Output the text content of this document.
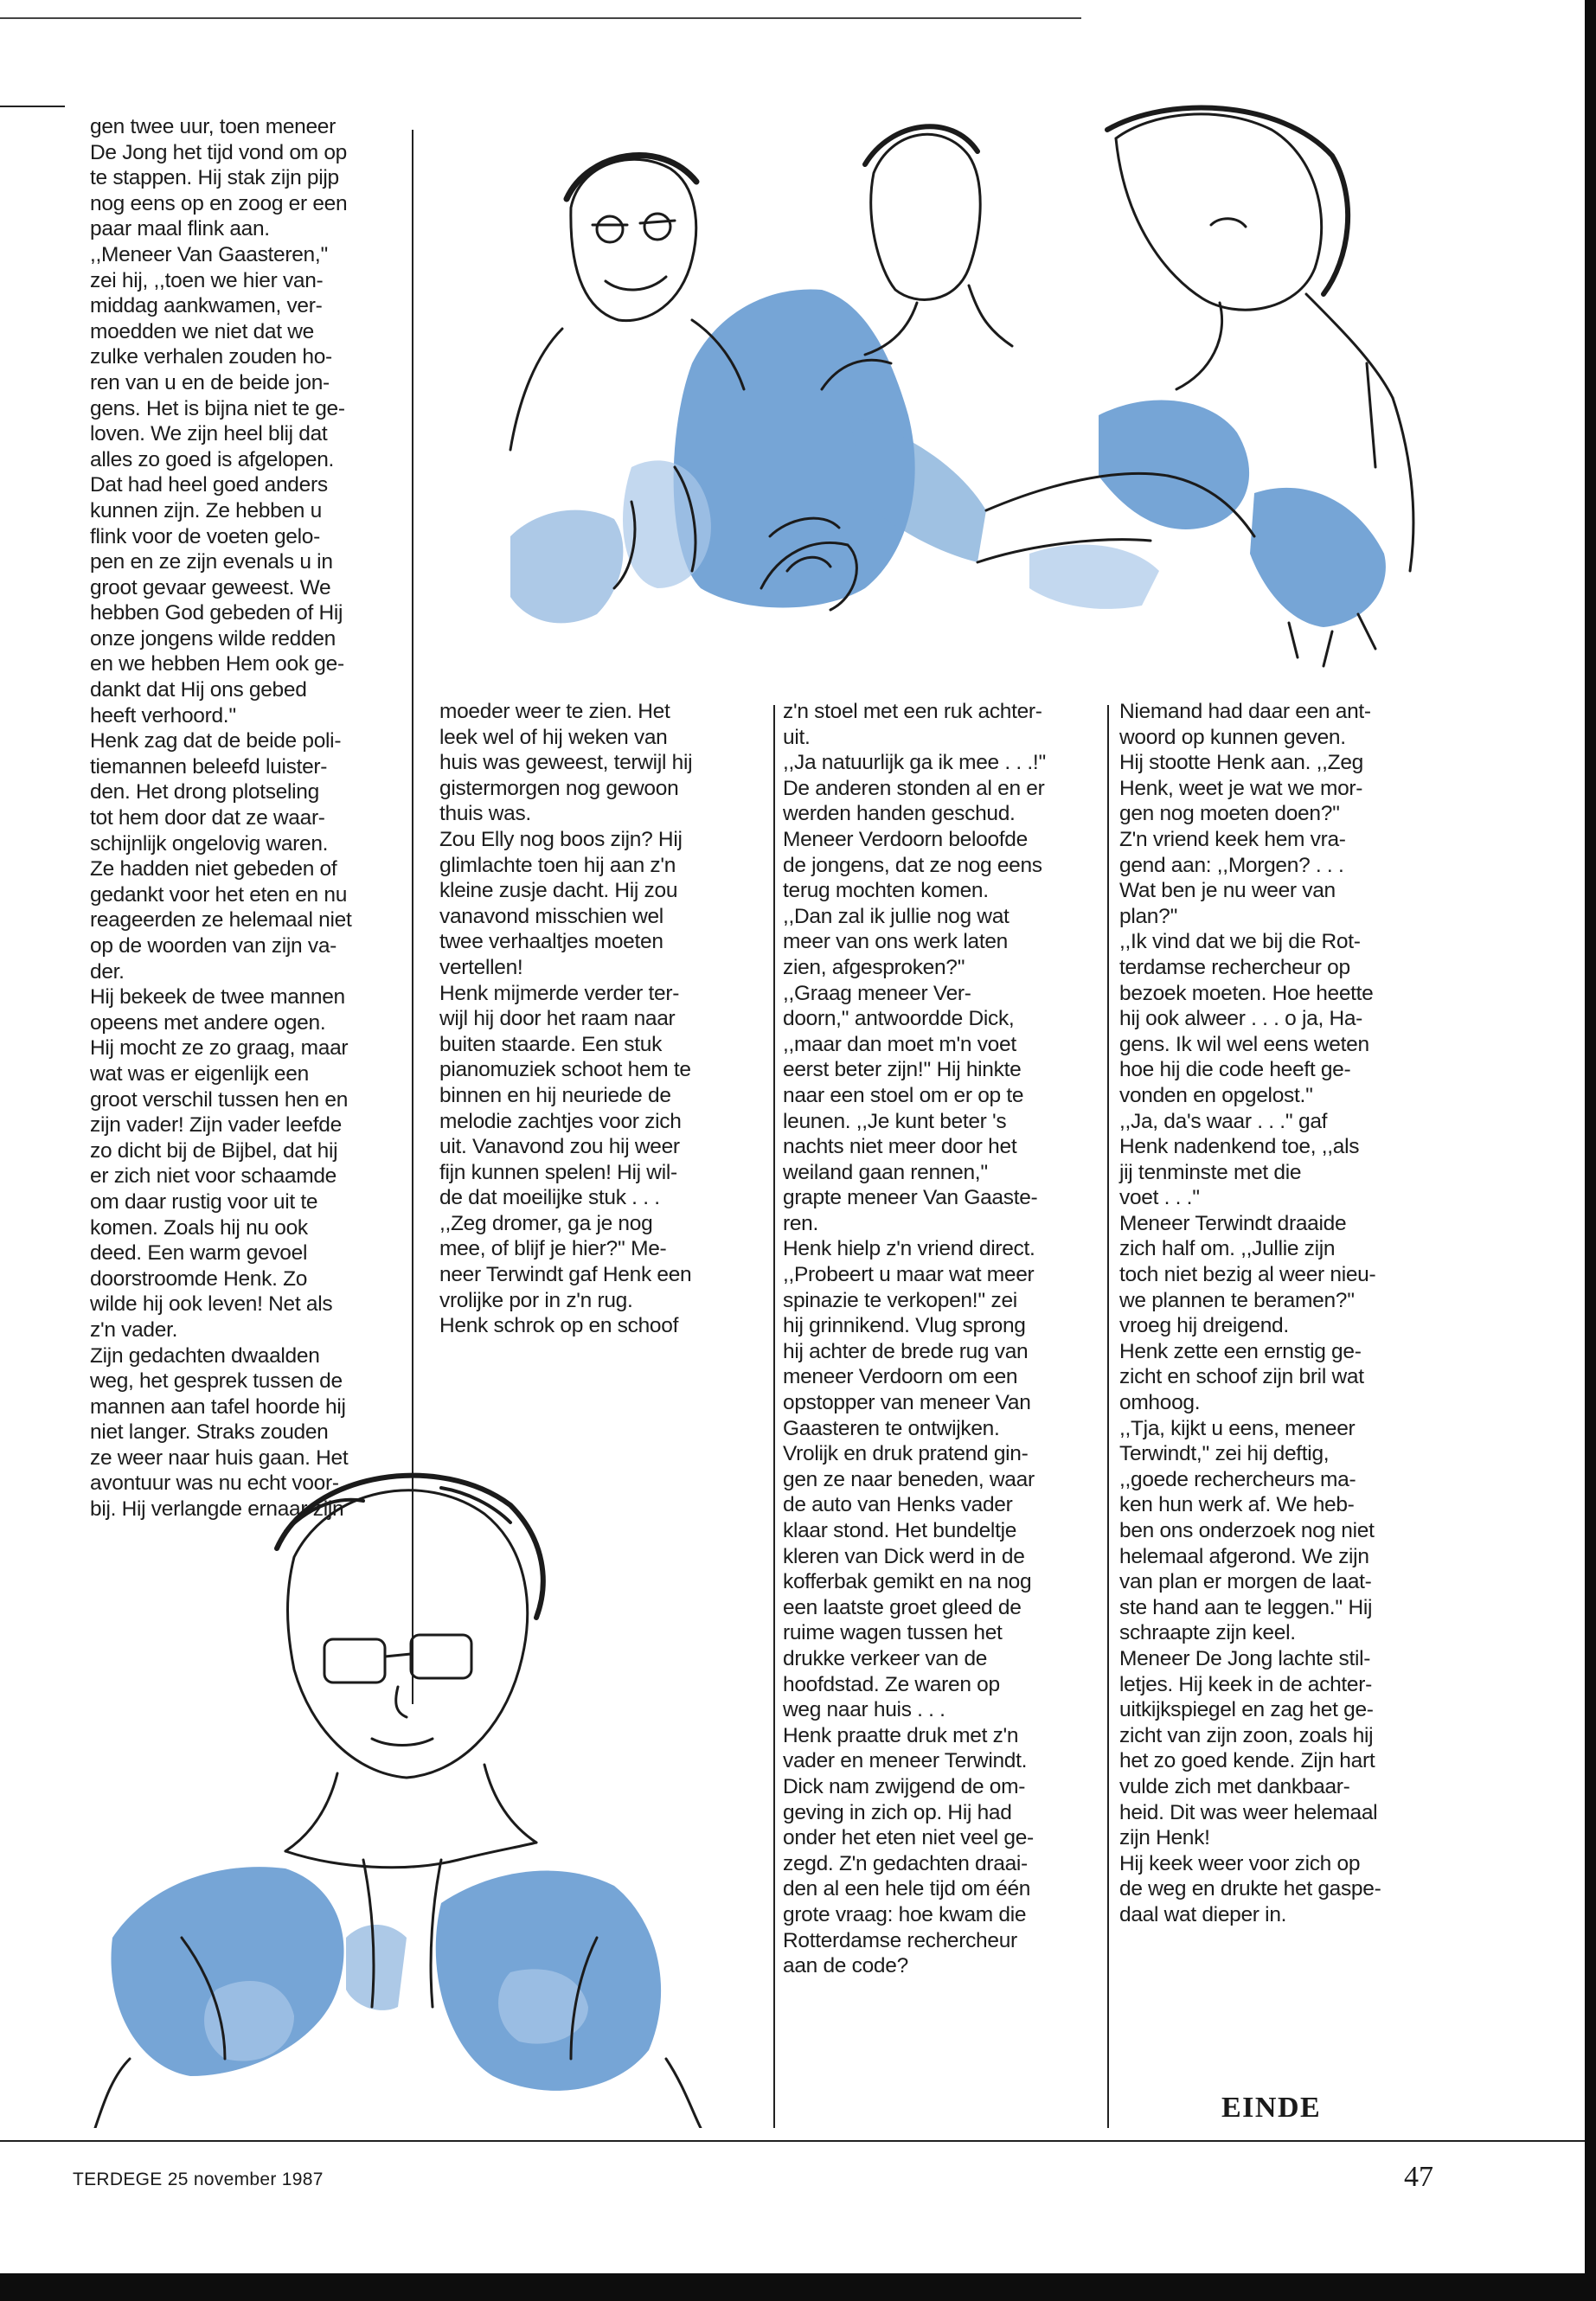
gen twee uur, toen meneer
De Jong het tijd vond om op
te stappen. Hij stak zijn pijp
nog eens op en zoog er een
paar maal flink aan.
,,Meneer Van Gaasteren,''
zei hij, ,,toen we hier van-
middag aankwamen, ver-
moedden we niet dat we
zulke verhalen zouden ho-
ren van u en de beide jon-
gens. Het is bijna niet te ge-
loven. We zijn heel blij dat
alles zo goed is afgelopen.
Dat had heel goed anders
kunnen zijn. Ze hebben u
flink voor de voeten gelo-
pen en ze zijn evenals u in
groot gevaar geweest. We
hebben God gebeden of Hij
onze jongens wilde redden
en we hebben Hem ook ge-
dankt dat Hij ons gebed
heeft verhoord.''
Henk zag dat de beide poli-
tiemannen beleefd luister-
den. Het drong plotseling
tot hem door dat ze waar-
schijnlijk ongelovig waren.
Ze hadden niet gebeden of
gedankt voor het eten en nu
reageerden ze helemaal niet
op de woorden van zijn va-
der.
Hij bekeek de twee mannen
opeens met andere ogen.
Hij mocht ze zo graag, maar
wat was er eigenlijk een
groot verschil tussen hen en
zijn vader! Zijn vader leefde
zo dicht bij de Bijbel, dat hij
er zich niet voor schaamde
om daar rustig voor uit te
komen. Zoals hij nu ook
deed. Een warm gevoel
doorstroomde Henk. Zo
wilde hij ook leven! Net als
z'n vader.
Zijn gedachten dwaalden
weg, het gesprek tussen de
mannen aan tafel hoorde hij
niet langer. Straks zouden
ze weer naar huis gaan. Het
avontuur was nu echt voor-
bij. Hij verlangde ernaar zijn
moeder weer te zien. Het
leek wel of hij weken van
huis was geweest, terwijl hij
gistermorgen nog gewoon
thuis was.
Zou Elly nog boos zijn? Hij
glimlachte toen hij aan z'n
kleine zusje dacht. Hij zou
vanavond misschien wel
twee verhaaltjes moeten
vertellen!
Henk mijmerde verder ter-
wijl hij door het raam naar
buiten staarde. Een stuk
pianomuziek schoot hem te
binnen en hij neuriede de
melodie zachtjes voor zich
uit. Vanavond zou hij weer
fijn kunnen spelen! Hij wil-
de dat moeilijke stuk . . .
,,Zeg dromer, ga je nog
mee, of blijf je hier?'' Me-
neer Terwindt gaf Henk een
vrolijke por in z'n rug.
Henk schrok op en schoof
z'n stoel met een ruk achter-
uit.
,,Ja natuurlijk ga ik mee . . .!''
De anderen stonden al en er
werden handen geschud.
Meneer Verdoorn beloofde
de jongens, dat ze nog eens
terug mochten komen.
,,Dan zal ik jullie nog wat
meer van ons werk laten
zien, afgesproken?''
,,Graag meneer Ver-
doorn,'' antwoordde Dick,
,,maar dan moet m'n voet
eerst beter zijn!'' Hij hinkte
naar een stoel om er op te
leunen. ,,Je kunt beter 's
nachts niet meer door het
weiland gaan rennen,''
grapte meneer Van Gaaste-
ren.
Henk hielp z'n vriend direct.
,,Probeert u maar wat meer
spinazie te verkopen!'' zei
hij grinnikend. Vlug sprong
hij achter de brede rug van
meneer Verdoorn om een
opstopper van meneer Van
Gaasteren te ontwijken.
Vrolijk en druk pratend gin-
gen ze naar beneden, waar
de auto van Henks vader
klaar stond. Het bundeltje
kleren van Dick werd in de
kofferbak gemikt en na nog
een laatste groet gleed de
ruime wagen tussen het
drukke verkeer van de
hoofdstad. Ze waren op
weg naar huis . . .
Henk praatte druk met z'n
vader en meneer Terwindt.
Dick nam zwijgend de om-
geving in zich op. Hij had
onder het eten niet veel ge-
zegd. Z'n gedachten draai-
den al een hele tijd om één
grote vraag: hoe kwam die
Rotterdamse rechercheur
aan de code?
Niemand had daar een ant-
woord op kunnen geven.
Hij stootte Henk aan. ,,Zeg
Henk, weet je wat we mor-
gen nog moeten doen?''
Z'n vriend keek hem vra-
gend aan: ,,Morgen? . . .
Wat ben je nu weer van
plan?''
,,Ik vind dat we bij die Rot-
terdamse rechercheur op
bezoek moeten. Hoe heette
hij ook alweer . . . o ja, Ha-
gens. Ik wil wel eens weten
hoe hij die code heeft ge-
vonden en opgelost.''
,,Ja, da's waar . . .'' gaf
Henk nadenkend toe, ,,als
jij tenminste met die
voet . . .''
Meneer Terwindt draaide
zich half om. ,,Jullie zijn
toch niet bezig al weer nieu-
we plannen te beramen?''
vroeg hij dreigend.
Henk zette een ernstig ge-
zicht en schoof zijn bril wat
omhoog.
,,Tja, kijkt u eens, meneer
Terwindt,'' zei hij deftig,
,,goede rechercheurs ma-
ken hun werk af. We heb-
ben ons onderzoek nog niet
helemaal afgerond. We zijn
van plan er morgen de laat-
ste hand aan te leggen.'' Hij
schraapte zijn keel.
Meneer De Jong lachte stil-
letjes. Hij keek in de achter-
uitkijkspiegel en zag het ge-
zicht van zijn zoon, zoals hij
het zo goed kende. Zijn hart
vulde zich met dankbaar-
heid. Dit was weer helemaal
zijn Henk!
Hij keek weer voor zich op
de weg en drukte het gaspe-
daal wat dieper in.
EINDE
TERDEGE 25 november 1987	47
